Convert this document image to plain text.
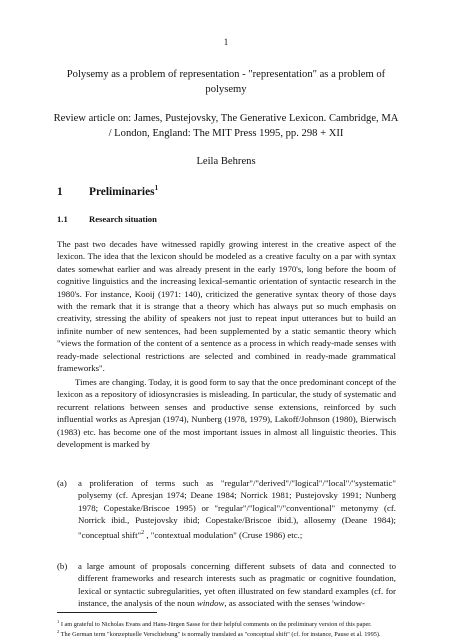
1
Polysemy as a problem of representation - "representation" as a problem of polysemy
Review article on: James, Pustejovsky, The Generative Lexicon. Cambridge, MA / London, England: The MIT Press 1995, pp. 298 + XII
Leila Behrens
1 Preliminaries$^1$
1.1 Research situation

The past two decades have witnessed rapidly growing interest in the creative aspect of the lexicon. The idea that the lexicon should be modeled as a creative faculty on a par with syntax dates somewhat earlier and was already present in the early 1970's, long before the boom of cognitive linguistics and the increasing lexical-semantic orientation of syntactic research in the 1980's. For instance, Kooij (1971: 140), criticized the generative syntax theory of those days with the remark that it is strange that a theory which has always put so much emphasis on creativity, stressing the ability of speakers not just to repeat input utterances but to build an infinite number of new sentences, had been supplemented by a static semantic theory which "views the formation of the content of a sentence as a process in which ready-made senses with ready-made selectional restrictions are selected and combined in ready-made grammatical frameworks".

Times are changing. Today, it is good form to say that the once predominant concept of the lexicon as a repository of idiosyncrasies is misleading. In particular, the study of systematic and recurrent relations between senses and productive sense extensions, reinforced by such influential works as Apresjan (1974), Nunberg (1978, 1979), Lakoff/Johnson (1980), Bierwisch (1983) etc. has become one of the most important issues in almost all linguistic theories. This development is marked by

(a) a proliferation of terms such as "regular"/"derived"/"logical"/"local"/"systematic" polysemy (cf. Apresjan 1974; Deane 1984; Norrick 1981; Pustejovsky 1991; Nunberg 1978; Copestake/Briscoe 1995) or "regular"/"logical"/"conventional" metonymy (cf. Norrick ibid., Pustejovsky ibid; Copestake/Briscoe ibid.), allosemy (Deane 1984); "conceptual shift"$^2$ , "contextual modulation" (Cruse 1986) etc.;
(b) a large amount of proposals concerning different subsets of data and connected to different frameworks and research interests such as pragmatic or cognitive foundation, lexical or syntactic subregularities, yet often illustrated on few standard examples (cf. for instance, the analysis of the noun window, as associated with the senses 'window-
$^1$ I am grateful to Nicholas Evans and Hans-Jürgen Sasse for their helpful comments on the preliminary version of this paper.
$^2$ The German term "konzeptuelle Verschiebung" is normally translated as "conceptual shift" (cf. for instance, Pause et al. 1995).
